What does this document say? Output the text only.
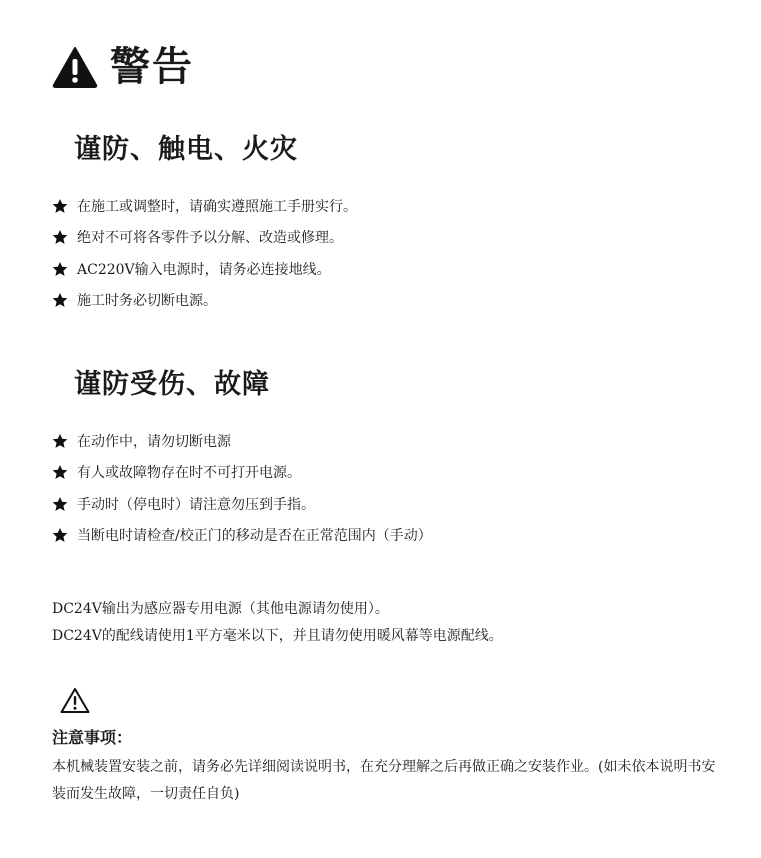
警告
谨防、触电、火灾
在施工或调整时，请确实遵照施工手册实行。
绝对不可将各零件予以分解、改造或修理。
AC220V输入电源时，请务必连接地线。
施工时务必切断电源。
谨防受伤、故障
在动作中，请勿切断电源
有人或故障物存在时不可打开电源。
手动时（停电时）请注意勿压到手指。
当断电时请检查/校正门的移动是否在正常范围内（手动）
DC24V输出为感应器专用电源（其他电源请勿使用）。
DC24V的配线请使用1平方毫米以下，并且请勿使用暖风幕等电源配线。
注意事项：
本机械装置安装之前，请务必先详细阅读说明书，在充分理解之后再做正确之安装作业。(如未依本说明书安装而发生故障，一切责任自负)
